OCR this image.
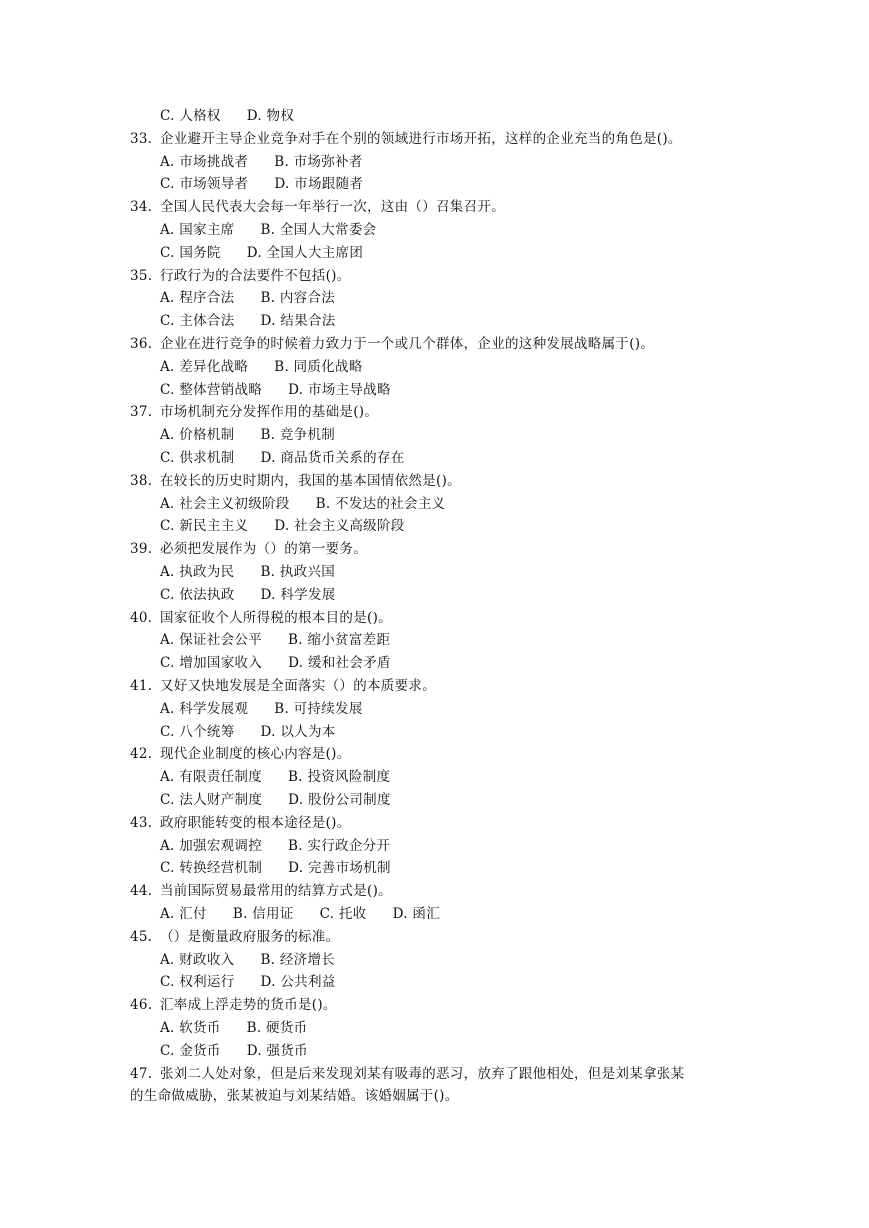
C. 人格权 D. 物权
33. 企业避开主导企业竞争对手在个别的领域进行市场开拓，这样的企业充当的角色是()。
A. 市场挑战者 B. 市场弥补者
C. 市场领导者 D. 市场跟随者
34. 全国人民代表大会每一年举行一次，这由（）召集召开。
A. 国家主席 B. 全国人大常委会
C. 国务院 D. 全国人大主席团
35. 行政行为的合法要件不包括()。
A. 程序合法 B. 内容合法
C. 主体合法 D. 结果合法
36. 企业在进行竞争的时候着力致力于一个或几个群体，企业的这种发展战略属于()。
A. 差异化战略 B. 同质化战略
C. 整体营销战略 D. 市场主导战略
37. 市场机制充分发挥作用的基础是()。
A. 价格机制 B. 竞争机制
C. 供求机制 D. 商品货币关系的存在
38. 在较长的历史时期内，我国的基本国情依然是()。
A. 社会主义初级阶段 B. 不发达的社会主义
C. 新民主主义 D. 社会主义高级阶段
39. 必须把发展作为（）的第一要务。
A. 执政为民 B. 执政兴国
C. 依法执政 D. 科学发展
40. 国家征收个人所得税的根本目的是()。
A. 保证社会公平 B. 缩小贫富差距
C. 增加国家收入 D. 缓和社会矛盾
41. 又好又快地发展是全面落实（）的本质要求。
A. 科学发展观 B. 可持续发展
C. 八个统筹 D. 以人为本
42. 现代企业制度的核心内容是()。
A. 有限责任制度 B. 投资风险制度
C. 法人财产制度 D. 股份公司制度
43. 政府职能转变的根本途径是()。
A. 加强宏观调控 B. 实行政企分开
C. 转换经营机制 D. 完善市场机制
44. 当前国际贸易最常用的结算方式是()。
A. 汇付 B. 信用证 C. 托收 D. 函汇
45. （）是衡量政府服务的标准。
A. 财政收入 B. 经济增长
C. 权利运行 D. 公共利益
46. 汇率成上浮走势的货币是()。
A. 软货币 B. 硬货币
C. 金货币 D. 强货币
47. 张刘二人处对象，但是后来发现刘某有吸毒的恶习，放弃了跟他相处，但是刘某拿张某
的生命做威胁，张某被迫与刘某结婚。该婚姻属于()。
